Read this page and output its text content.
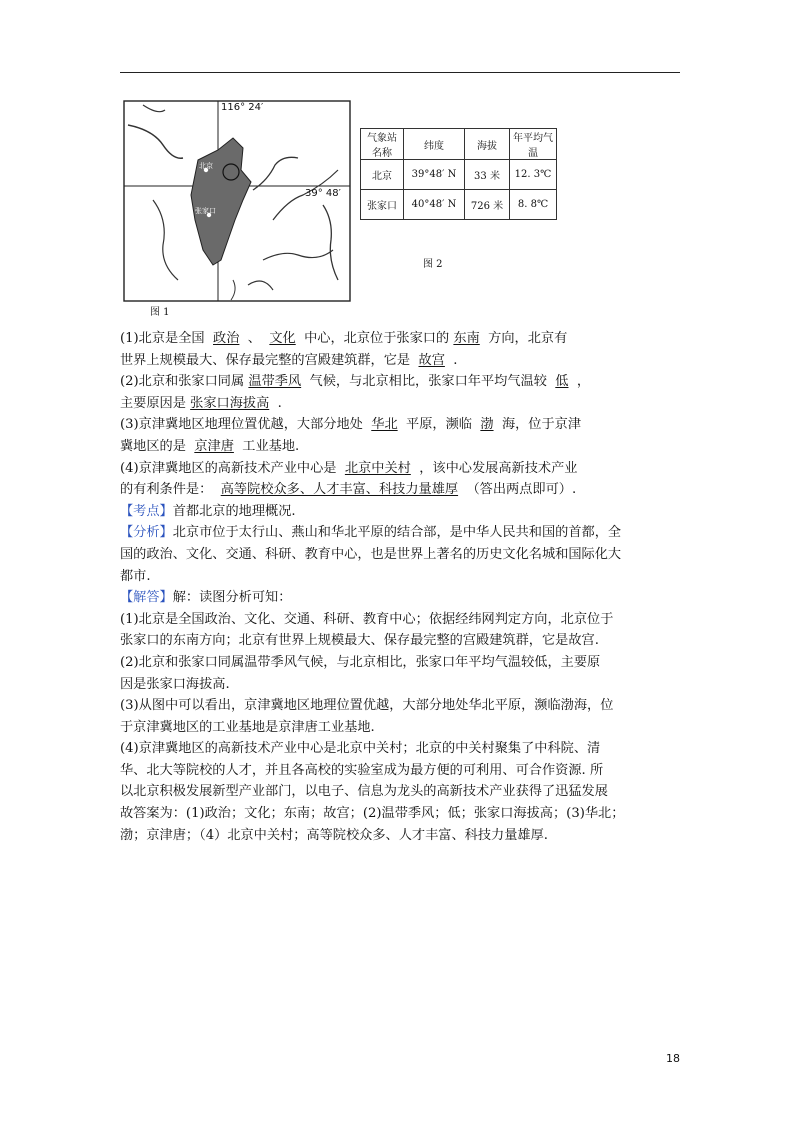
116° 24′
39° 48′
北京
张家口
图 1
气象站名称	纬度	海拔	年平均气温
北京	39°48′ N	33 米	12. 3℃
张家口	40°48′ N	726 米	8. 8℃
图 2

(1)北京是全国 政治 、 文化 中心，北京位于张家口的 东南 方向，北京有

世界上规模最大、保存最完整的宫殿建筑群，它是 故宫 .

(2)北京和张家口同属 温带季风 气候，与北京相比，张家口年平均气温较 低 ，

主要原因是 张家口海拔高 .

(3)京津冀地区地理位置优越，大部分地处 华北 平原，濒临 渤 海，位于京津

冀地区的是 京津唐 工业基地.

(4)京津冀地区的高新技术产业中心是 北京中关村 ，该中心发展高新技术产业

的有利条件是： 高等院校众多、人才丰富、科技力量雄厚 （答出两点即可）.

【考点】首都北京的地理概况.

【分析】北京市位于太行山、燕山和华北平原的结合部，是中华人民共和国的首都，全

国的政治、文化、交通、科研、教育中心，也是世界上著名的历史文化名城和国际化大

都市.

【解答】解：读图分析可知：

(1)北京是全国政治、文化、交通、科研、教育中心；依据经纬网判定方向，北京位于

张家口的东南方向；北京有世界上规模最大、保存最完整的宫殿建筑群，它是故宫.

(2)北京和张家口同属温带季风气候，与北京相比，张家口年平均气温较低，主要原

因是张家口海拔高.

(3)从图中可以看出，京津冀地区地理位置优越，大部分地处华北平原，濒临渤海，位

于京津冀地区的工业基地是京津唐工业基地.

(4)京津冀地区的高新技术产业中心是北京中关村；北京的中关村聚集了中科院、清

华、北大等院校的人才，并且各高校的实验室成为最方便的可利用、可合作资源. 所

以北京积极发展新型产业部门，以电子、信息为龙头的高新技术产业获得了迅猛发展

故答案为：(1)政治；文化；东南；故宫；(2)温带季风；低；张家口海拔高；(3)华北；

渤；京津唐；（4）北京中关村；高等院校众多、人才丰富、科技力量雄厚.

18
